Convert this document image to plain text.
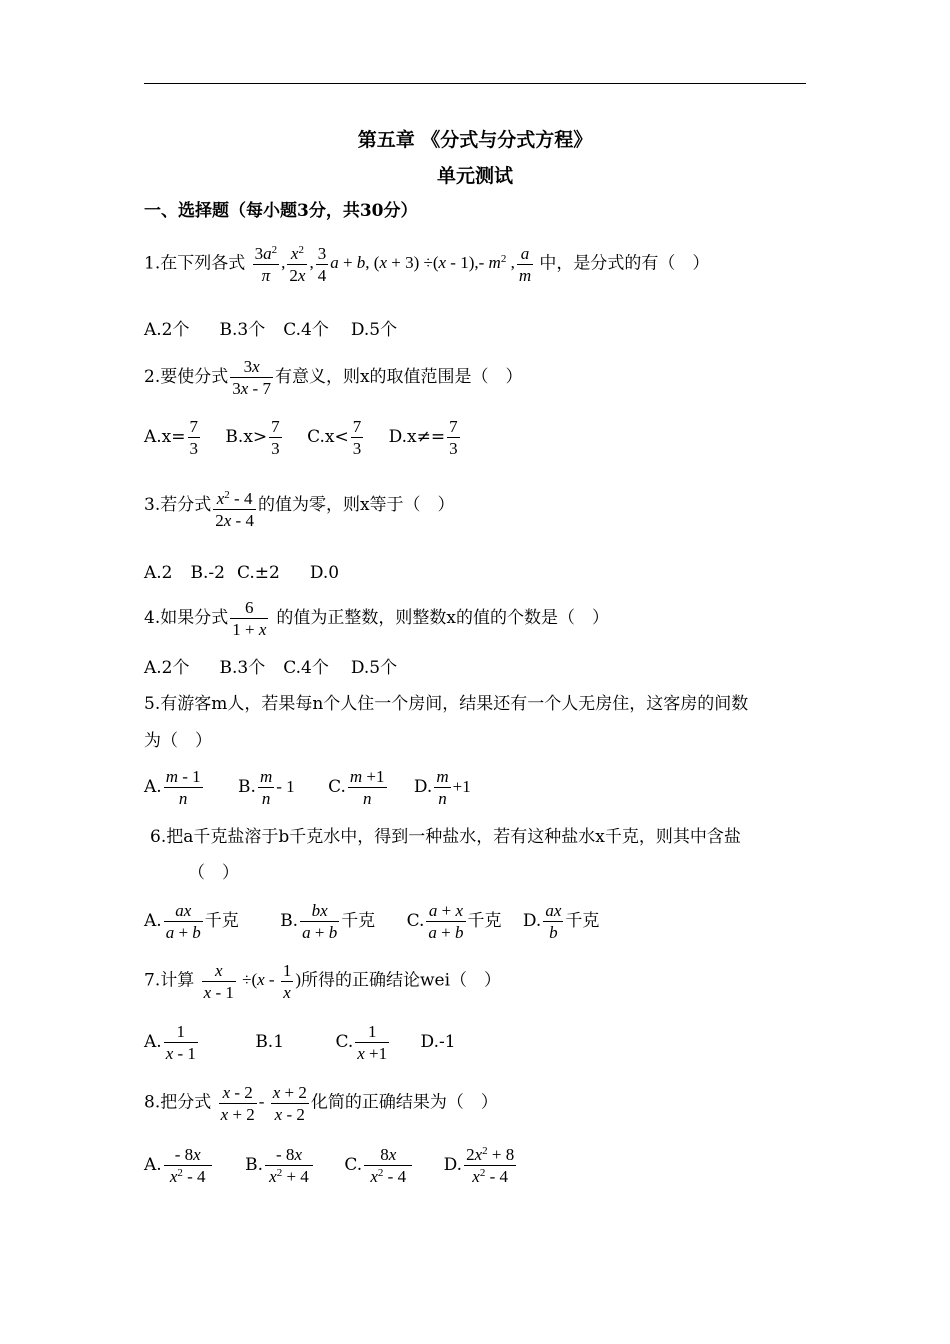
第五章 《分式与分式方程》
单元测试
一、选择题（每小题3分，共30分）
1.在下列各式 $\frac{3a^2}{\pi}$ , $\frac{x^2}{2x}$ , $\frac{3}{4}$ a + b, (x + 3) ÷(x - 1),- $m^2$ , $\frac{a}{m}$ 中，是分式的有（　）
A.2个 B.3个 C.4个 D.5个
2.要使分式 $\frac{3x}{3x - 7}$ 有意义，则x的取值范围是（　）
$A.x= \frac{7}{3} B.x> \frac{7}{3} C.x< \frac{7}{3} D.x\ne= \frac{7}{3}$
3.若分式 $\frac{x^2 - 4}{2x - 4}$ 的值为零，则x等于（　）
A.2 B.-2 C.±2 D.0
4.如果分式 $\frac{6}{1 + x}$ 的值为正整数，则整数x的值的个数是（　）
A.2个 B.3个 C.4个 D.5个
5.有游客m人，若果每n个人住一个房间，结果还有一个人无房住，这客房的间数
为（　）
A. $\frac{m - 1}{n} B$. $\frac{m}{n} - 1$ C. $\frac{m +1}{n} D$. $\frac{m}{n} +1$
6.把a千克盐溶于b千克水中，得到一种盐水，若有这种盐水x千克，则其中含盐
（　）
A. $\frac{ax}{a + b}$ 千克 B. $\frac{bx}{a + b}$ 千克 C. $\frac{a + x}{a + b}$ 千克 D. $\frac{ax}{b}$ 千克
7.计算 $\frac{x}{x - 1} \div(x - \frac{1}{x}$ )所得的正确结论wei（　）
A. $\frac{1}{x - 1}$	B.1	C. $\frac{1}{x +1} D.-1$
8.把分式 $\frac{x - 2}{x + 2} - \frac{x + 2}{x - 2}$ 化简的正确结果为（　）
A. $\frac{- 8x}{x^2 - 4} B$. $\frac{- 8x}{x^2 + 4} C$. $\frac{8x}{x^2 - 4} D$. $\frac{2x^2 + 8}{x^2 - 4}$
